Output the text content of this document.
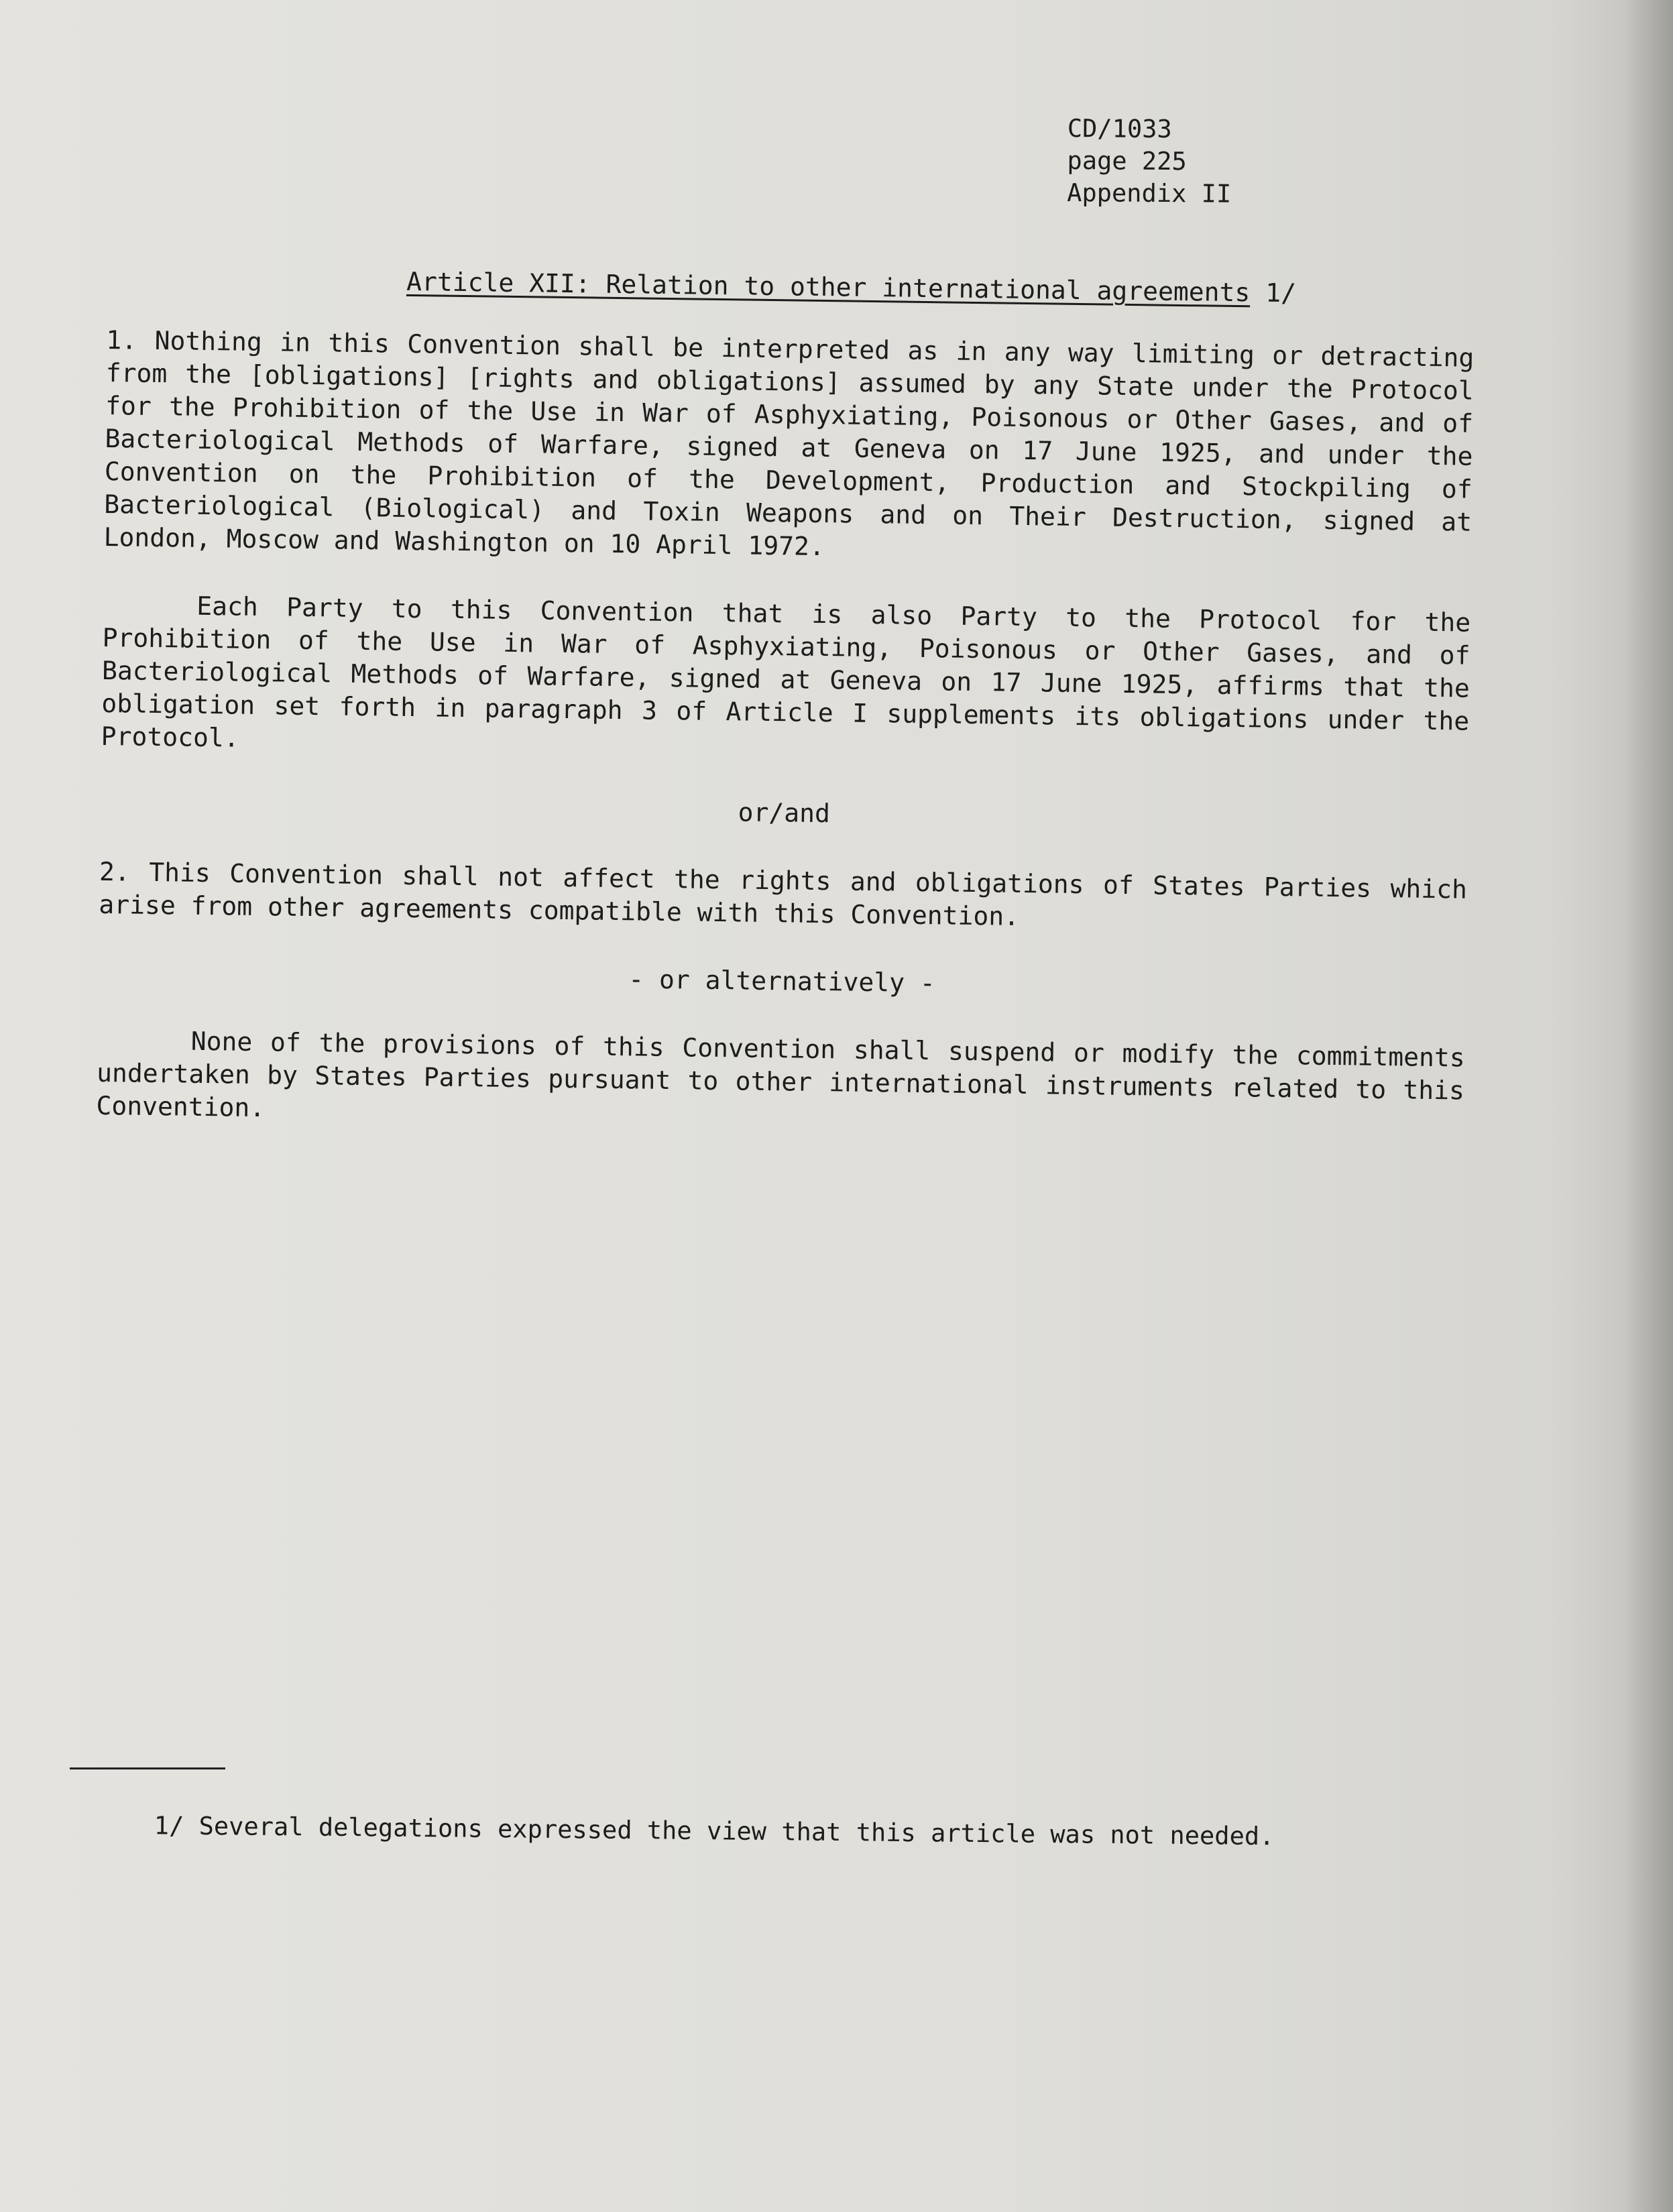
CD/1033
page 225
Appendix II
Article XII: Relation to other international agreements 1/
1. Nothing in this Convention shall be interpreted as in any way limiting or detracting from the [obligations] [rights and obligations] assumed by any State under the Protocol for the Prohibition of the Use in War of Asphyxiating, Poisonous or Other Gases, and of Bacteriological Methods of Warfare, signed at Geneva on 17 June 1925, and under the Convention on the Prohibition of the Development, Production and Stockpiling of Bacteriological (Biological) and Toxin Weapons and on Their Destruction, signed at London, Moscow and Washington on 10 April 1972.
Each Party to this Convention that is also Party to the Protocol for the Prohibition of the Use in War of Asphyxiating, Poisonous or Other Gases, and of Bacteriological Methods of Warfare, signed at Geneva on 17 June 1925, affirms that the obligation set forth in paragraph 3 of Article I supplements its obligations under the Protocol.
or/and
2. This Convention shall not affect the rights and obligations of States Parties which arise from other agreements compatible with this Convention.
- or alternatively -
None of the provisions of this Convention shall suspend or modify the commitments undertaken by States Parties pursuant to other international instruments related to this Convention.
1/ Several delegations expressed the view that this article was not needed.
